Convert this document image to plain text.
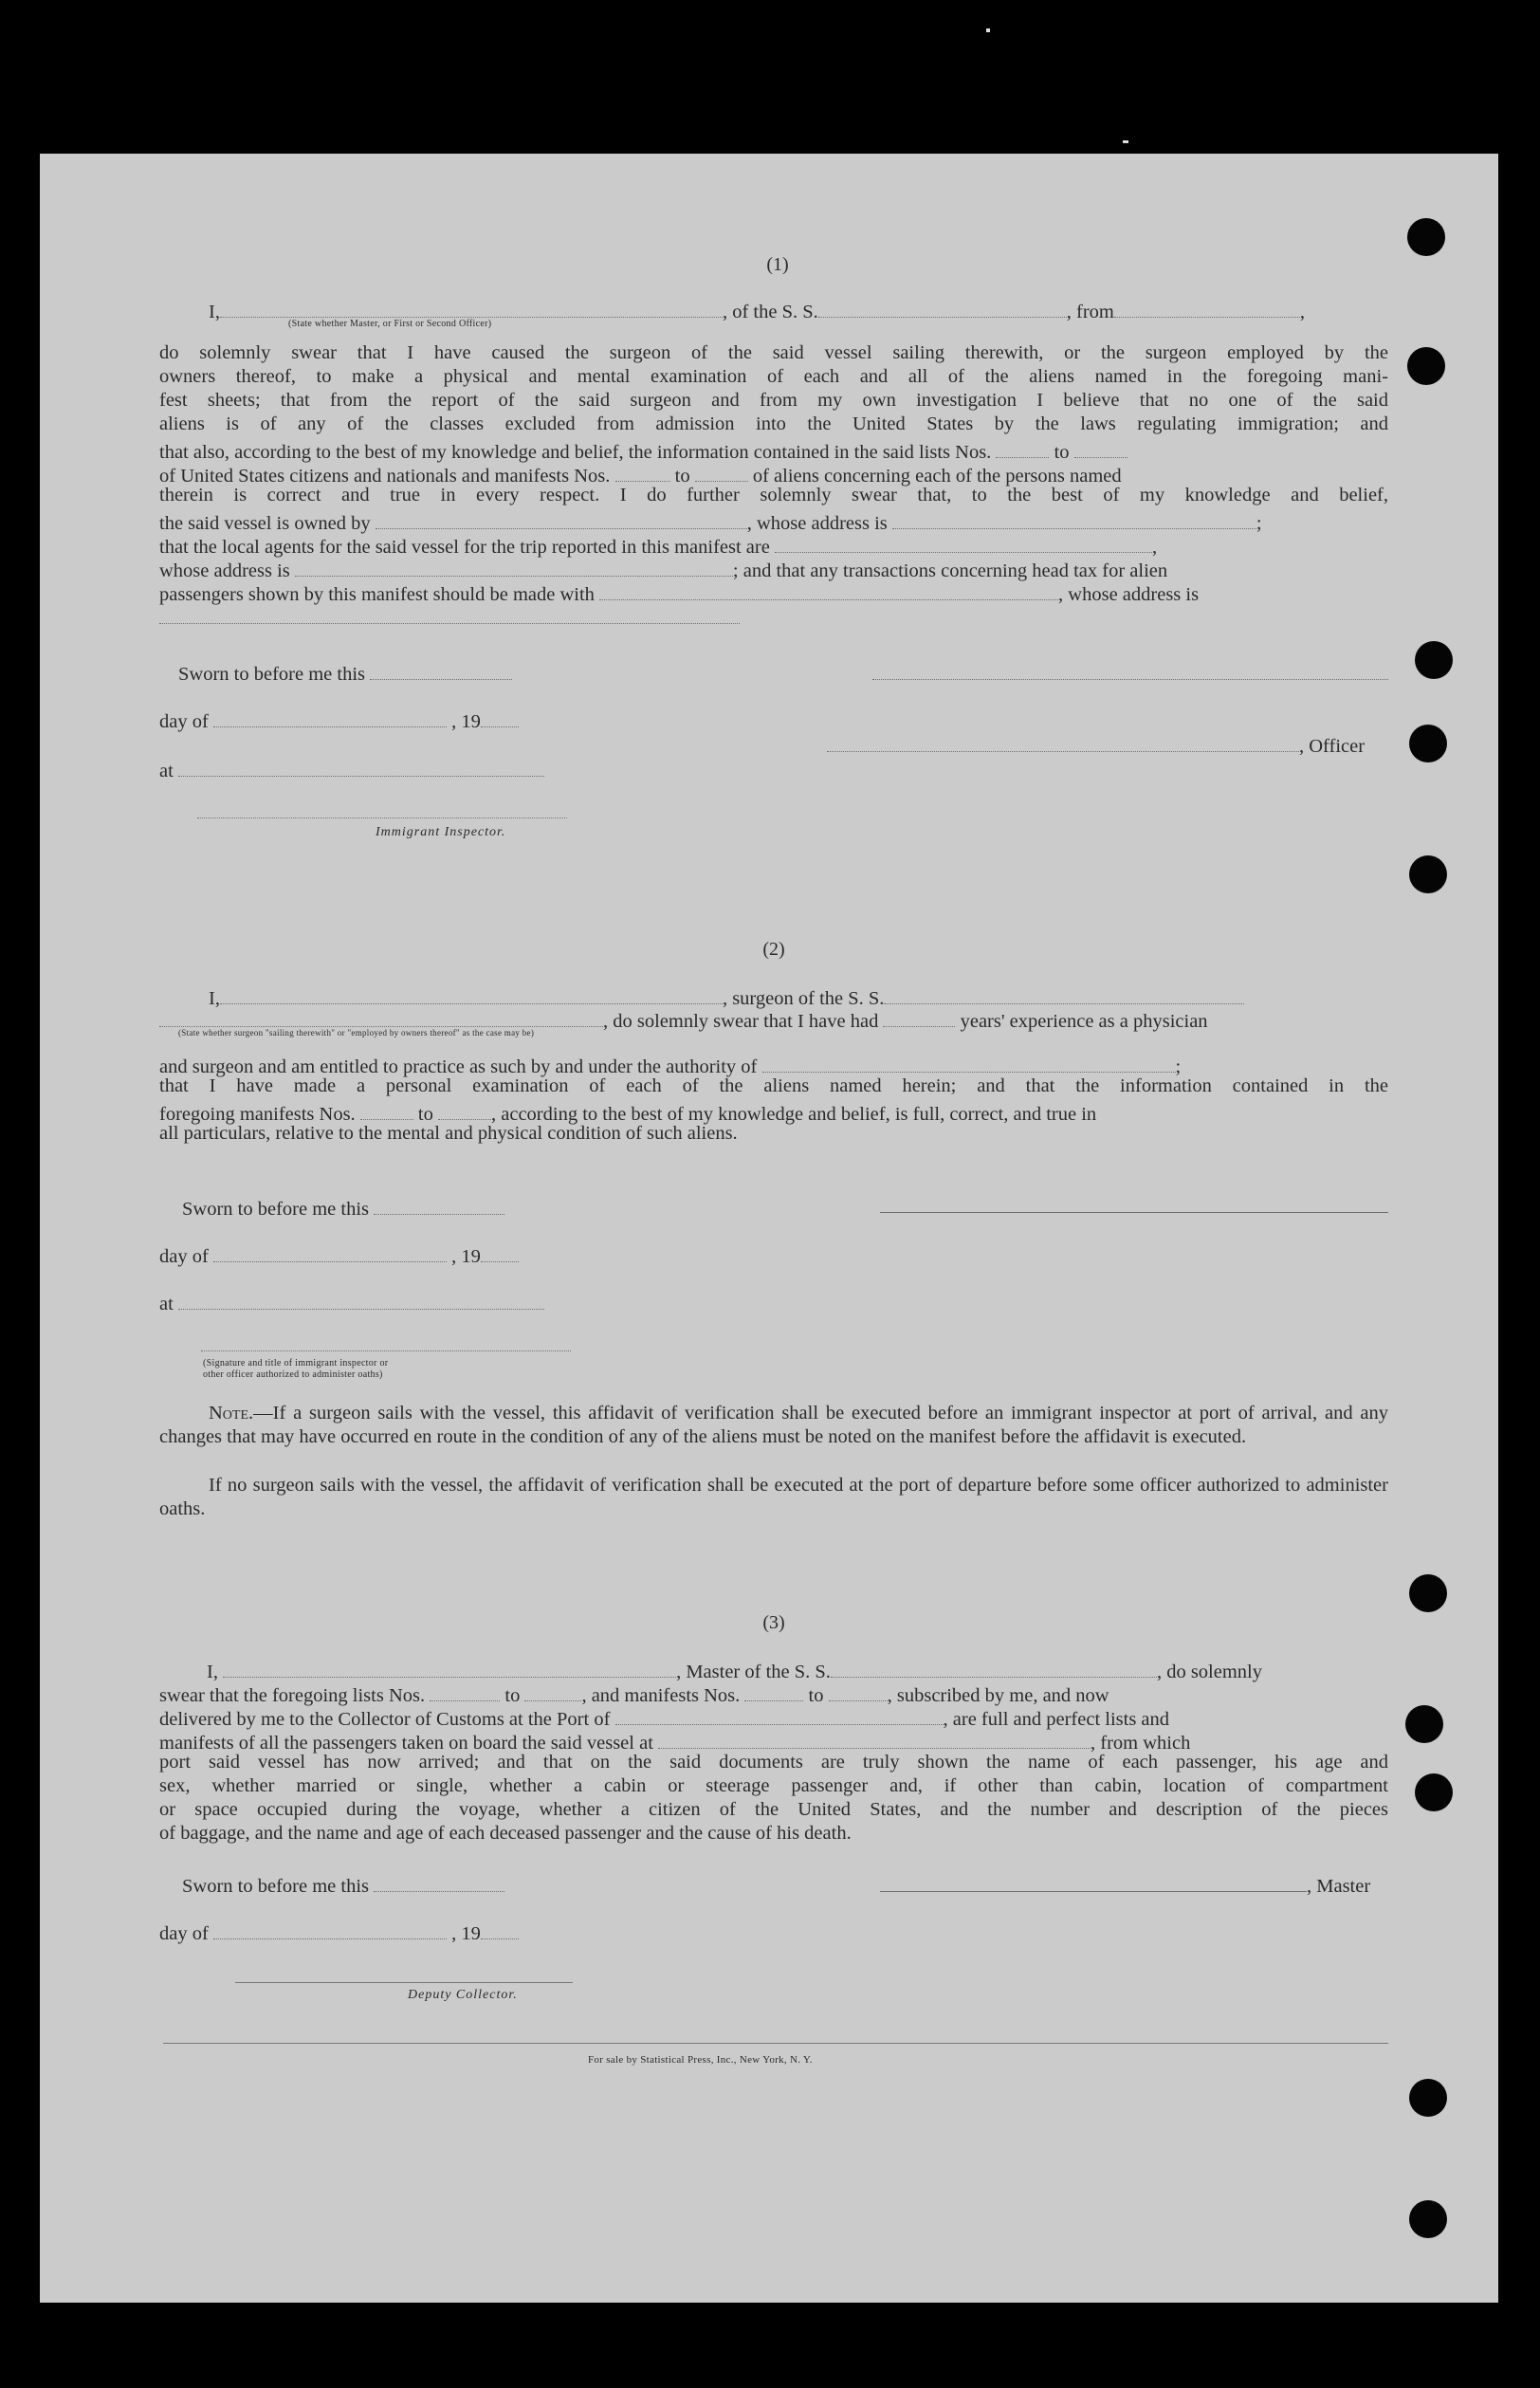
(1)
I,	, of the S. S.	, from	,
(State whether Master, or First or Second Officer)
do solemnly swear that I have caused the surgeon of the said vessel sailing therewith, or the surgeon employed by the
owners thereof, to make a physical and mental examination of each and all of the aliens named in the foregoing mani-
fest sheets; that from the report of the said surgeon and from my own investigation I believe that no one of the said
aliens is of any of the classes excluded from admission into the United States by the laws regulating immigration; and
that also, according to the best of my knowledge and belief, the information contained in the said lists Nos.	to
of United States citizens and nationals and manifests Nos.	to	of aliens concerning each of the persons named
therein is correct and true in every respect. I do further solemnly swear that, to the best of my knowledge and belief,
the said vessel is owned by	, whose address is	;
that the local agents for the said vessel for the trip reported in this manifest are	,
whose address is	; and that any transactions concerning head tax for alien
passengers shown by this manifest should be made with	, whose address is
Sworn to before me this
day of	, 19
, Officer
at
Immigrant Inspector.
(2)
I,	, surgeon of the S. S.
, do solemnly swear that I have had	years' experience as a physician
(State whether surgeon "sailing therewith" or "employed by owners thereof" as the case may be)
and surgeon and am entitled to practice as such by and under the authority of	;
that I have made a personal examination of each of the aliens named herein; and that the information contained in the
foregoing manifests Nos.	to	, according to the best of my knowledge and belief, is full, correct, and true in
all particulars, relative to the mental and physical condition of such aliens.
Sworn to before me this
day of	, 19
at
(Signature and title of immigrant inspector or
other officer authorized to administer oaths)
Note.—If a surgeon sails with the vessel, this affidavit of verification shall be executed before an immigrant inspector at port of arrival, and any changes that may have occurred en route in the condition of any of the aliens must be noted on the manifest before the affidavit is executed.
If no surgeon sails with the vessel, the affidavit of verification shall be executed at the port of departure before some officer authorized to administer oaths.
(3)
I,	, Master of the S. S.	, do solemnly
swear that the foregoing lists Nos.	to	, and manifests Nos.	to	, subscribed by me, and now
delivered by me to the Collector of Customs at the Port of	, are full and perfect lists and
manifests of all the passengers taken on board the said vessel at	, from which
port said vessel has now arrived; and that on the said documents are truly shown the name of each passenger, his age and
sex, whether married or single, whether a cabin or steerage passenger and, if other than cabin, location of compartment
or space occupied during the voyage, whether a citizen of the United States, and the number and description of the pieces
of baggage, and the name and age of each deceased passenger and the cause of his death.
Sworn to before me this	, Master
day of	, 19
Deputy Collector.
For sale by Statistical Press, Inc., New York, N. Y.
